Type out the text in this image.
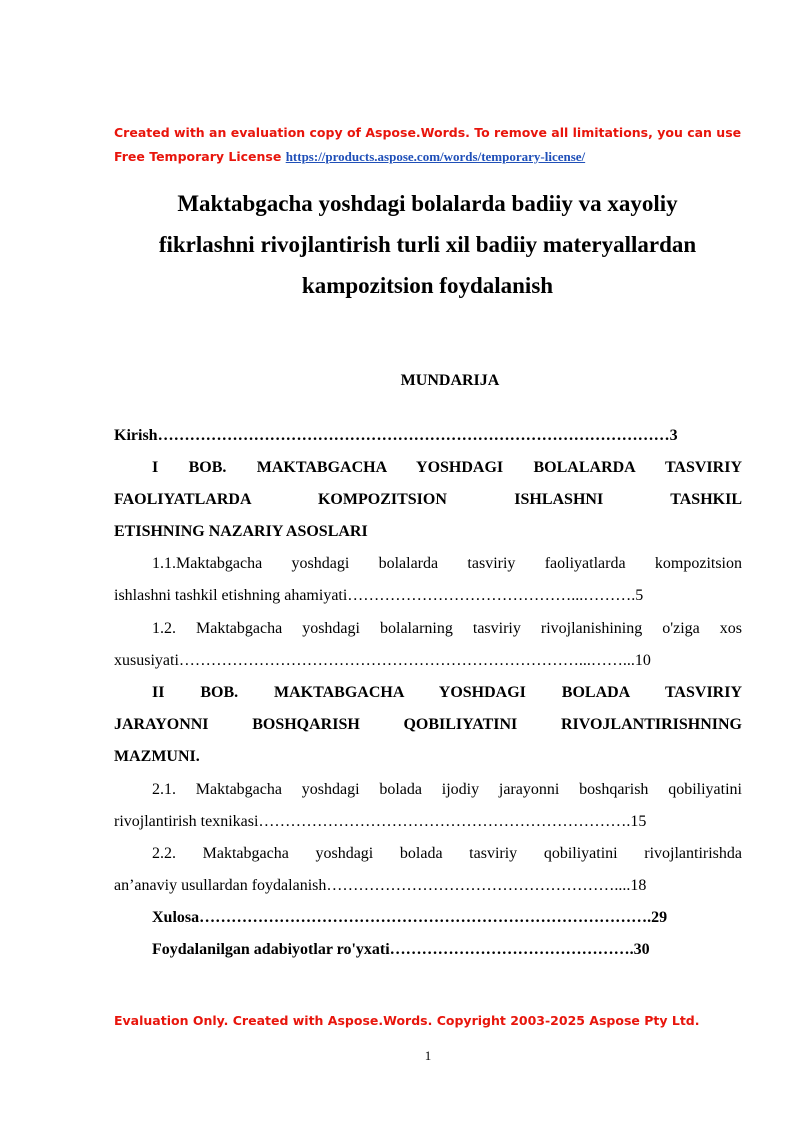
Created with an evaluation copy of Aspose.Words. To remove all limitations, you can use
Free Temporary License https://products.aspose.com/words/temporary-license/
Maktabgacha yoshdagi bolalarda badiiy va xayoliy
fikrlashni rivojlantirish turli xil badiiy materyallardan
kampozitsion foydalanish
MUNDARIJA
Kirish……………………………………………………………………………………3
I BOB. MAKTABGACHA YOSHDAGI BOLALARDA TASVIRIY
FAOLIYATLARDA KOMPOZITSION ISHLASHNI TASHKIL
ETISHNING NAZARIY ASOSLARI
1.1.Maktabgacha yoshdagi bolalarda tasviriy faoliyatlarda kompozitsion
ishlashni tashkil etishning ahamiyati……………………………………...……….5
1.2. Maktabgacha yoshdagi bolalarning tasviriy rivojlanishining o'ziga xos
xususiyati…………………………………………………………………...……...10
II BOB. MAKTABGACHA YOSHDAGI BOLADA TASVIRIY
JARAYONNI BOSHQARISH QOBILIYATINI RIVOJLANTIRISHNING
MAZMUNI.
2.1. Maktabgacha yoshdagi bolada ijodiy jarayonni boshqarish qobiliyatini
rivojlantirish texnikasi…………………………………………………………….15
2.2. Maktabgacha yoshdagi bolada tasviriy qobiliyatini rivojlantirishda
an’anaviy usullardan foydalanish………………………………………………....18
Xulosa………………………………………………………………………….29
Foydalanilgan adabiyotlar ro'yxati……………………………………….30
Evaluation Only. Created with Aspose.Words. Copyright 2003-2025 Aspose Pty Ltd.
1
